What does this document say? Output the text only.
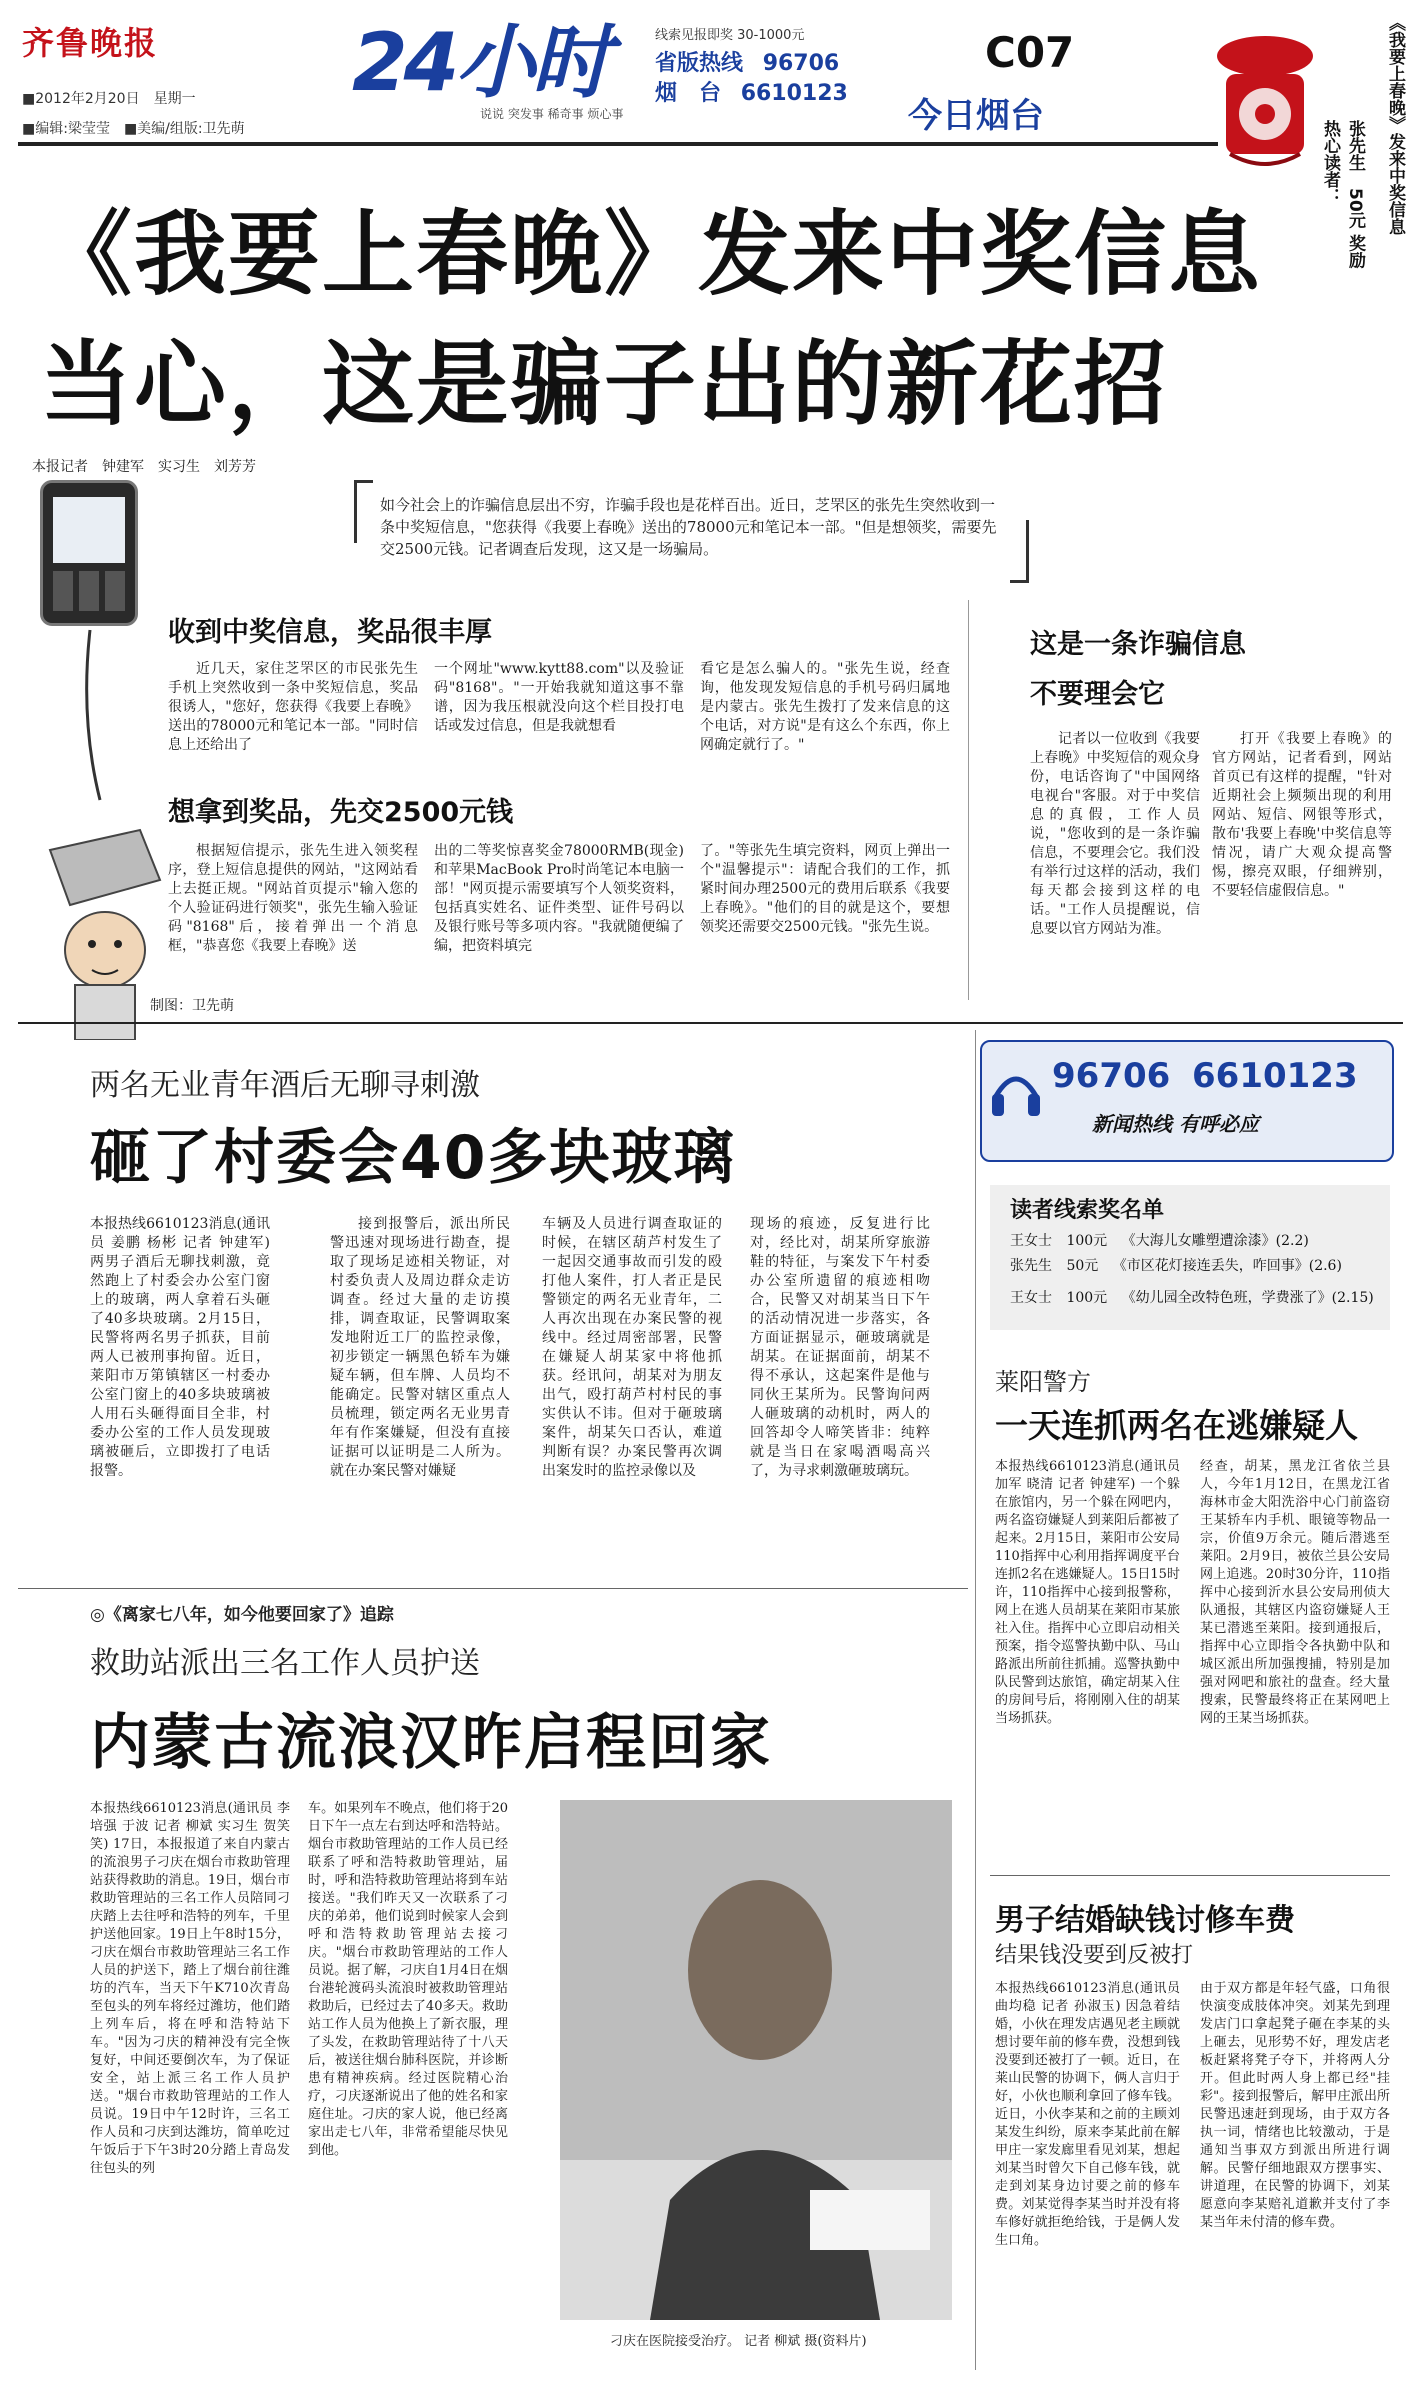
齐鲁晚报
■2012年2月20日　星期一
■编辑:梁莹莹　■美编/组版:卫先萌
24小时
说说 突发事 稀奇事 烦心事
线索见报即奖 30-1000元
省版热线 96706
烟　台 6610123
C07
今日烟台	《我要上春晚》发来中奖信息
张先生　50元 奖励热心读者：
《我要上春晚》发来中奖信息
当心，这是骗子出的新花招
本报记者　钟建军　实习生　刘芳芳
如今社会上的诈骗信息层出不穷，诈骗手段也是花样百出。近日，芝罘区的张先生突然收到一条中奖短信息，"您获得《我要上春晚》送出的78000元和笔记本一部。"但是想领奖，需要先交2500元钱。记者调查后发现，这又是一场骗局。
收到中奖信息，奖品很丰厚
近几天，家住芝罘区的市民张先生手机上突然收到一条中奖短信息，奖品很诱人，"您好，您获得《我要上春晚》送出的78000元和笔记本一部。"同时信息上还给出了
一个网址"www.kytt88.com"以及验证码"8168"。"一开始我就知道这事不靠谱，因为我压根就没向这个栏目投打电话或发过信息，但是我就想看
看它是怎么骗人的。"张先生说，经查询，他发现发短信息的手机号码归属地是内蒙古。张先生拨打了发来信息的这个电话，对方说"是有这么个东西，你上网确定就行了。"
想拿到奖品，先交2500元钱
根据短信提示，张先生进入领奖程序，登上短信息提供的网站，"这网站看上去挺正规。"网站首页提示"输入您的个人验证码进行领奖"，张先生输入验证码"8168"后，接着弹出一个消息框，"恭喜您《我要上春晚》送
出的二等奖惊喜奖金78000RMB(现金)和苹果MacBook Pro时尚笔记本电脑一部！"网页提示需要填写个人领奖资料，包括真实姓名、证件类型、证件号码以及银行账号等多项内容。"我就随便编了编，把资料填完
了。"等张先生填完资料，网页上弹出一个"温馨提示"：请配合我们的工作，抓紧时间办理2500元的费用后联系《我要上春晚》。"他们的目的就是这个，要想领奖还需要交2500元钱。"张先生说。
这是一条诈骗信息
不要理会它
记者以一位收到《我要上春晚》中奖短信的观众身份，电话咨询了"中国网络电视台"客服。对于中奖信息的真假，工作人员说，"您收到的是一条诈骗信息，不要理会它。我们没有举行过这样的活动，我们每天都会接到这样的电话。"工作人员提醒说，信息要以官方网站为准。
打开《我要上春晚》的官方网站，记者看到，网站首页已有这样的提醒，"针对近期社会上频频出现的利用网站、短信、网银等形式，散布'我要上春晚'中奖信息等情况，请广大观众提高警惕，擦亮双眼，仔细辨别，不要轻信虚假信息。"
制图：卫先萌
两名无业青年酒后无聊寻刺激
砸了村委会40多块玻璃
本报热线6610123消息(通讯员 姜鹏 杨彬 记者 钟建军) 两男子酒后无聊找刺激，竟然跑上了村委会办公室门窗上的玻璃，两人拿着石头砸了40多块玻璃。2月15日，民警将两名男子抓获，目前两人已被刑事拘留。近日，莱阳市万第镇辖区一村委办公室门窗上的40多块玻璃被人用石头砸得面目全非，村委办公室的工作人员发现玻璃被砸后，立即拨打了电话报警。
接到报警后，派出所民警迅速对现场进行勘查，提取了现场足迹相关物证，对村委负责人及周边群众走访调查。经过大量的走访摸排，调查取证，民警调取案发地附近工厂的监控录像，初步锁定一辆黑色轿车为嫌疑车辆，但车牌、人员均不能确定。民警对辖区重点人员梳理，锁定两名无业男青年有作案嫌疑，但没有直接证据可以证明是二人所为。就在办案民警对嫌疑
车辆及人员进行调查取证的时候，在辖区葫芦村发生了一起因交通事故而引发的殴打他人案件，打人者正是民警锁定的两名无业青年，二人再次出现在办案民警的视线中。经过周密部署，民警在嫌疑人胡某家中将他抓获。经讯问，胡某对为朋友出气，殴打葫芦村村民的事实供认不讳。但对于砸玻璃案件，胡某矢口否认，难道判断有误？办案民警再次调出案发时的监控录像以及
现场的痕迹，反复进行比对，经比对，胡某所穿旅游鞋的特征，与案发下午村委办公室所遗留的痕迹相吻合，民警又对胡某当日下午的活动情况进一步落实，各方面证据显示，砸玻璃就是胡某。在证据面前，胡某不得不承认，这起案件是他与同伙王某所为。民警询问两人砸玻璃的动机时，两人的回答却令人啼笑皆非：纯粹就是当日在家喝酒喝高兴了，为寻求刺激砸玻璃玩。
◎《离家七八年，如今他要回家了》追踪
救助站派出三名工作人员护送
内蒙古流浪汉昨启程回家
本报热线6610123消息(通讯员 李培强 于波 记者 柳斌 实习生 贺笑笑) 17日，本报报道了来自内蒙古的流浪男子刁庆在烟台市救助管理站获得救助的消息。19日，烟台市救助管理站的三名工作人员陪同刁庆踏上去往呼和浩特的列车，千里护送他回家。19日上午8时15分，刁庆在烟台市救助管理站三名工作人员的护送下，踏上了烟台前往潍坊的汽车，当天下午K710次青岛至包头的列车将经过潍坊，他们踏上列车后，将在呼和浩特站下车。"因为刁庆的精神没有完全恢复好，中间还要倒次车，为了保证安全，站上派三名工作人员护送。"烟台市救助管理站的工作人员说。19日中午12时许，三名工作人员和刁庆到达潍坊，简单吃过午饭后于下午3时20分踏上青岛发往包头的列
车。如果列车不晚点，他们将于20日下午一点左右到达呼和浩特站。烟台市救助管理站的工作人员已经联系了呼和浩特救助管理站，届时，呼和浩特救助管理站将到车站接送。"我们昨天又一次联系了刁庆的弟弟，他们说到时候家人会到呼和浩特救助管理站去接刁庆。"烟台市救助管理站的工作人员说。据了解，刁庆自1月4日在烟台港轮渡码头流浪时被救助管理站救助后，已经过去了40多天。救助站工作人员为他换上了新衣服，理了头发，在救助管理站待了十八天后，被送往烟台肺科医院，并诊断患有精神疾病。经过医院精心治疗，刁庆逐渐说出了他的姓名和家庭住址。刁庆的家人说，他已经离家出走七八年，非常希望能尽快见到他。
刁庆在医院接受治疗。 记者 柳斌 摄(资料片)
96706 6610123
新闻热线 有呼必应
读者线索奖名单
王女士 100元 《大海儿女雕塑遭涂漆》(2.2)
张先生 50元 《市区花灯接连丢失，咋回事》(2.6)
王女士 100元 《幼儿园全改特色班，学费涨了》(2.15)
莱阳警方
一天连抓两名在逃嫌疑人
本报热线6610123消息(通讯员 加军 晓清 记者 钟建军) 一个躲在旅馆内，另一个躲在网吧内，两名盗窃嫌疑人到莱阳后都被了起来。2月15日，莱阳市公安局110指挥中心利用指挥调度平台连抓2名在逃嫌疑人。15日15时许，110指挥中心接到报警称，网上在逃人员胡某在莱阳市某旅社入住。指挥中心立即启动相关预案，指令巡警执勤中队、马山路派出所前往抓捕。巡警执勤中队民警到达旅馆，确定胡某入住的房间号后，将刚刚入住的胡某当场抓获。
经查，胡某，黑龙江省依兰县人，今年1月12日，在黑龙江省海林市金大阳洗浴中心门前盗窃王某轿车内手机、眼镜等物品一宗，价值9万余元。随后潜逃至莱阳。2月9日，被依兰县公安局网上追逃。20时30分许，110指挥中心接到沂水县公安局刑侦大队通报，其辖区内盗窃嫌疑人王某已潜逃至莱阳。接到通报后，指挥中心立即指令各执勤中队和城区派出所加强搜捕，特别是加强对网吧和旅社的盘查。经大量搜索，民警最终将正在某网吧上网的王某当场抓获。
男子结婚缺钱讨修车费
结果钱没要到反被打
本报热线6610123消息(通讯员 曲均稳 记者 孙淑玉) 因急着结婚，小伙在理发店遇见老主顾就想讨要年前的修车费，没想到钱没要到还被打了一顿。近日，在莱山民警的协调下，俩人言归于好，小伙也顺利拿回了修车钱。近日，小伙李某和之前的主顾刘某发生纠纷，原来李某此前在解甲庄一家发廊里看见刘某，想起刘某当时曾欠下自己修车钱，就走到刘某身边讨要之前的修车费。刘某觉得李某当时并没有将车修好就拒绝给钱，于是俩人发生口角。
由于双方都是年轻气盛，口角很快演变成肢体冲突。刘某先到理发店门口拿起凳子砸在李某的头上砸去，见形势不好，理发店老板赶紧将凳子夺下，并将两人分开。但此时两人身上都已经"挂彩"。接到报警后，解甲庄派出所民警迅速赶到现场，由于双方各执一词，情绪也比较激动，于是通知当事双方到派出所进行调解。民警仔细地跟双方摆事实、讲道理，在民警的协调下，刘某愿意向李某赔礼道歉并支付了李某当年未付清的修车费。
